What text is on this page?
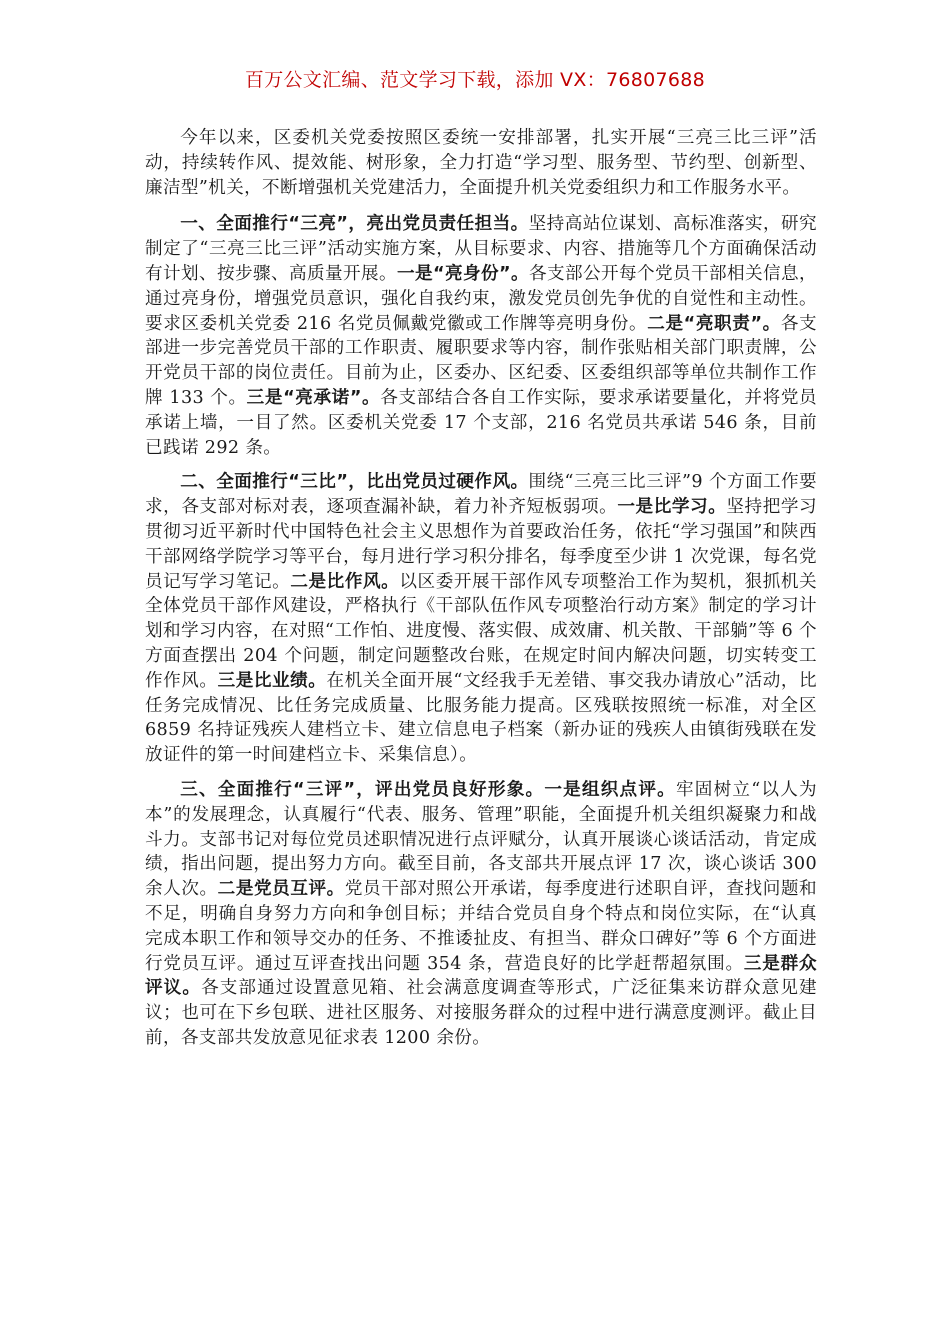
百万公文汇编、范文学习下载，添加 VX：76807688

今年以来，区委机关党委按照区委统一安排部署，扎实开展“三亮三比三评”活动，持续转作风、提效能、树形象，全力打造“学习型、服务型、节约型、创新型、廉洁型”机关，不断增强机关党建活力，全面提升机关党委组织力和工作服务水平。

一、全面推行“三亮”，亮出党员责任担当。坚持高站位谋划、高标准落实，研究制定了“三亮三比三评”活动实施方案，从目标要求、内容、措施等几个方面确保活动有计划、按步骤、高质量开展。一是“亮身份”。各支部公开每个党员干部相关信息，通过亮身份，增强党员意识，强化自我约束，激发党员创先争优的自觉性和主动性。要求区委机关党委 216 名党员佩戴党徽或工作牌等亮明身份。二是“亮职责”。各支部进一步完善党员干部的工作职责、履职要求等内容，制作张贴相关部门职责牌，公开党员干部的岗位责任。目前为止，区委办、区纪委、区委组织部等单位共制作工作牌 133 个。三是“亮承诺”。各支部结合各自工作实际，要求承诺要量化，并将党员承诺上墙，一目了然。区委机关党委 17 个支部，216 名党员共承诺 546 条，目前已践诺 292 条。

二、全面推行“三比”，比出党员过硬作风。围绕“三亮三比三评”9 个方面工作要求，各支部对标对表，逐项查漏补缺，着力补齐短板弱项。一是比学习。坚持把学习贯彻习近平新时代中国特色社会主义思想作为首要政治任务，依托“学习强国”和陕西干部网络学院学习等平台，每月进行学习积分排名，每季度至少讲 1 次党课，每名党员记写学习笔记。二是比作风。以区委开展干部作风专项整治工作为契机，狠抓机关全体党员干部作风建设，严格执行《干部队伍作风专项整治行动方案》制定的学习计划和学习内容，在对照“工作怕、进度慢、落实假、成效庸、机关散、干部躺”等 6 个方面查摆出 204 个问题，制定问题整改台账，在规定时间内解决问题，切实转变工作作风。三是比业绩。在机关全面开展“文经我手无差错、事交我办请放心”活动，比任务完成情况、比任务完成质量、比服务能力提高。区残联按照统一标准，对全区 6859 名持证残疾人建档立卡、建立信息电子档案（新办证的残疾人由镇街残联在发放证件的第一时间建档立卡、采集信息）。

三、全面推行“三评”，评出党员良好形象。一是组织点评。牢固树立“以人为本”的发展理念，认真履行“代表、服务、管理”职能，全面提升机关组织凝聚力和战斗力。支部书记对每位党员述职情况进行点评赋分，认真开展谈心谈话活动，肯定成绩，指出问题，提出努力方向。截至目前，各支部共开展点评 17 次，谈心谈话 300 余人次。二是党员互评。党员干部对照公开承诺，每季度进行述职自评，查找问题和不足，明确自身努力方向和争创目标；并结合党员自身个特点和岗位实际，在“认真完成本职工作和领导交办的任务、不推诿扯皮、有担当、群众口碑好”等 6 个方面进行党员互评。通过互评查找出问题 354 条，营造良好的比学赶帮超氛围。三是群众评议。各支部通过设置意见箱、社会满意度调查等形式，广泛征集来访群众意见建议；也可在下乡包联、进社区服务、对接服务群众的过程中进行满意度测评。截止目前，各支部共发放意见征求表 1200 余份。
